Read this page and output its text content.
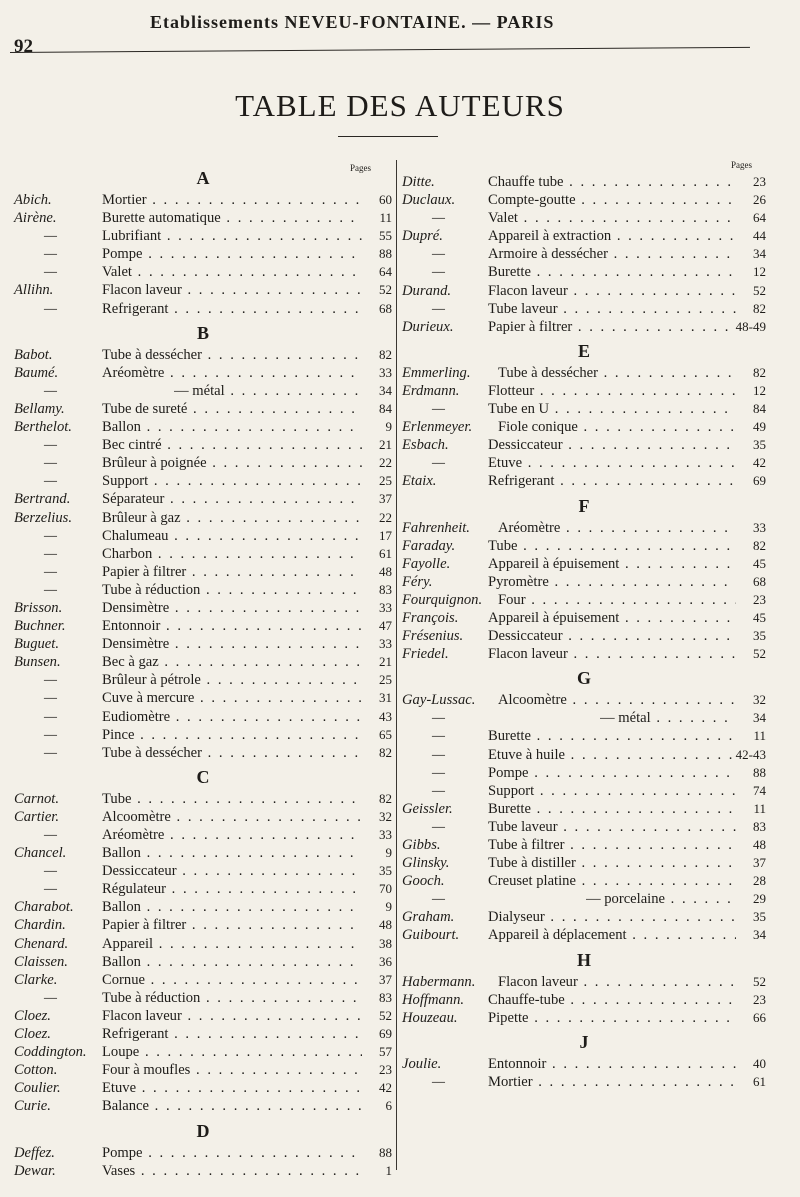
92
Etablissements NEVEU-FONTAINE. — PARIS
TABLE DES AUTEURS
Pages	Pages
A
Abich.	Mortier . . .	60
Airène.	Burette automatique . . .	11
—	Lubrifiant . . .	55
—	Pompe . . .	88
—	Valet . . .	64
Allihn.	Flacon laveur . . .	52
—	Refrigerant . . .	68
B
Babot.	Tube à dessécher . . .	82
Baumé.	Aréomètre . . .	33
—	— métal . . .	34
Bellamy.	Tube de sureté . . .	84
Berthelot. Ballon . . .	9
—	Bec cintré . . .	21
—	Brûleur à poignée . . .	22
—	Support . . .	25
Bertrand. Séparateur . . .	37
Berzelius. Brûleur à gaz . . .	22
—	Chalumeau . . .	17
—	Charbon . . .	61
—	Papier à filtrer . . .	48
—	Tube à réduction . . .	83
Brisson.	Densimètre . . .	33
Buchner.	Entonnoir . . .	47
Buguet.	Densimètre . . .	33
Bunsen.	Bec à gaz . . .	21
—	Brûleur à pétrole . . .	25
—	Cuve à mercure . . .	31
—	Eudiomètre . . .	43
—	Pince . . .	65
—	Tube à dessécher . . .	82
C
Carnot.	Tube . . .	82
Cartier.	Alcoomètre . . .	32
—	Aréomètre . . .	33
Chancel. Ballon . . .	9
—	Dessiccateur . . .	35
—	Régulateur . . .	70
Charabot. Ballon . . .	9
Chardin. Papier à filtrer . . .	48
Chenard. Appareil . . .	38
Claissen. Ballon . . .	36
Clarke.	Cornue . . .	37
—	Tube à réduction . . .	83
Cloez.	Flacon laveur . . .	52
Cloez.	Refrigerant . . .	69
Coddington. Loupe . . .	57
Cotton.	Four à moufles . . .	23
Coulier.	Etuve . . .	42
Curie.	Balance . . .	6
D
Deffez.	Pompe . . .	88
Dewar.	Vases . . .	1
Ditte.	Chauffe tube . . .	23
Duclaux. Compte-goutte . . .	26
—	Valet . . .	64
Dupré.	Appareil à extraction . . .	44
—	Armoire à dessécher . . .	34
—	Burette . . .	12
Durand.	Flacon laveur . . .	52
—	Tube laveur . . .	82
Durieux. Papier à filtrer . . .	48-49
E
Emmerling. Tube à dessécher . . .	82
Erdmann. Flotteur . . .	12
—	Tube en U . . .	84
Erlenmeyer. Fiole conique . . .	49
Esbach.	Dessiccateur . . .	35
—	Etuve . . .	42
Etaix.	Refrigerant . . .	69
F
Fahrenheit. Aréomètre . . .	33
Faraday. Tube . . .	82
Fayolle.	Appareil à épuisement . . .	45
Féry.	Pyromètre . . .	68
Fourquignon. Four . . .	23
François. Appareil à épuisement . . .	45
Frésenius. Dessiccateur . . .	35
Friedel.	Flacon laveur . . .	52
G
Gay-Lussac. Alcoomètre . . .	32
—	— métal . . .	34
—	Burette . . .	11
—	Etuve à huile . . .	42-43
—	Pompe . . .	88
—	Support . . .	74
Geissler. Burette . . .	11
—	Tube laveur . . .	83
Gibbs.	Tube à filtrer . . .	48
Glinsky.	Tube à distiller . . .	37
Gooch.	Creuset platine . . .	28
—	— porcelaine . . .	29
Graham. Dialyseur . . .	35
Guibourt. Appareil à déplacement . . .	34
H
Habermann. Flacon laveur . . .	52
Hoffmann. Chauffe-tube . . .	23
Houzeau. Pipette . . .	66
J
Joulie.	Entonnoir . . .	40
—	Mortier . . .	61
